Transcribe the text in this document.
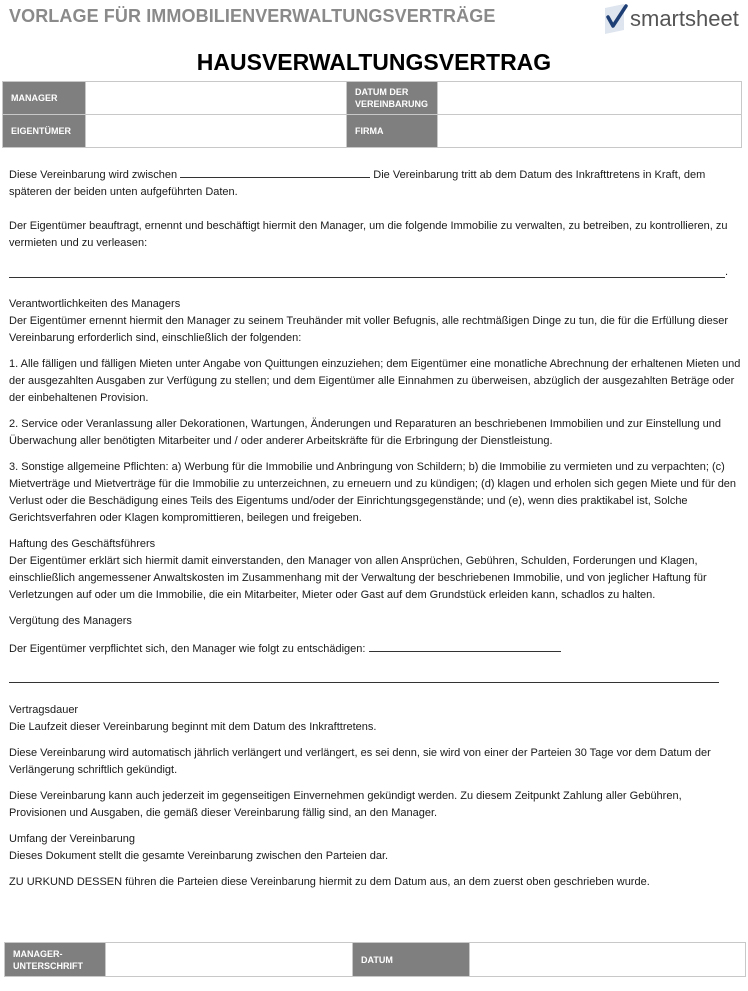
VORLAGE FÜR IMMOBILIENVERWALTUNGSVERTRÄGE	smartsheet
HAUSVERWALTUNGSVERTRAG
MANAGER		DATUM DER
VEREINBARUNG	
EIGENTÜMER		FIRMA	

Diese Vereinbarung wird zwischen	Die Vereinbarung tritt ab dem Datum des Inkrafttretens in Kraft, dem späteren der beiden unten aufgeführten Daten.

Der Eigentümer beauftragt, ernennt und beschäftigt hiermit den Manager, um die folgende Immobilie zu verwalten, zu betreiben, zu kontrollieren, zu vermieten und zu verleasen:

.

Verantwortlichkeiten des Managers

Der Eigentümer ernennt hiermit den Manager zu seinem Treuhänder mit voller Befugnis, alle rechtmäßigen Dinge zu tun, die für die Erfüllung dieser Vereinbarung erforderlich sind, einschließlich der folgenden:

1. Alle fälligen und fälligen Mieten unter Angabe von Quittungen einzuziehen; dem Eigentümer eine monatliche Abrechnung der erhaltenen Mieten und der ausgezahlten Ausgaben zur Verfügung zu stellen; und dem Eigentümer alle Einnahmen zu überweisen, abzüglich der ausgezahlten Beträge oder der einbehaltenen Provision.

2. Service oder Veranlassung aller Dekorationen, Wartungen, Änderungen und Reparaturen an beschriebenen Immobilien und zur Einstellung und Überwachung aller benötigten Mitarbeiter und / oder anderer Arbeitskräfte für die Erbringung der Dienstleistung.

3. Sonstige allgemeine Pflichten: a) Werbung für die Immobilie und Anbringung von Schildern; b) die Immobilie zu vermieten und zu verpachten; (c) Mietverträge und Mietverträge für die Immobilie zu unterzeichnen, zu erneuern und zu kündigen; (d) klagen und erholen sich gegen Miete und für den Verlust oder die Beschädigung eines Teils des Eigentums und/oder der Einrichtungsgegenstände; und (e), wenn dies praktikabel ist, Solche Gerichtsverfahren oder Klagen kompromittieren, beilegen und freigeben.

Haftung des Geschäftsführers

Der Eigentümer erklärt sich hiermit damit einverstanden, den Manager von allen Ansprüchen, Gebühren, Schulden, Forderungen und Klagen, einschließlich angemessener Anwaltskosten im Zusammenhang mit der Verwaltung der beschriebenen Immobilie, und von jeglicher Haftung für Verletzungen auf oder um die Immobilie, die ein Mitarbeiter, Mieter oder Gast auf dem Grundstück erleiden kann, schadlos zu halten.

Vergütung des Managers

Der Eigentümer verpflichtet sich, den Manager wie folgt zu entschädigen:

Vertragsdauer

Die Laufzeit dieser Vereinbarung beginnt mit dem Datum des Inkrafttretens.

Diese Vereinbarung wird automatisch jährlich verlängert und verlängert, es sei denn, sie wird von einer der Parteien 30 Tage vor dem Datum der Verlängerung schriftlich gekündigt.

Diese Vereinbarung kann auch jederzeit im gegenseitigen Einvernehmen gekündigt werden. Zu diesem Zeitpunkt Zahlung aller Gebühren, Provisionen und Ausgaben, die gemäß dieser Vereinbarung fällig sind, an den Manager.

Umfang der Vereinbarung

Dieses Dokument stellt die gesamte Vereinbarung zwischen den Parteien dar.

ZU URKUND DESSEN führen die Parteien diese Vereinbarung hiermit zu dem Datum aus, an dem zuerst oben geschrieben wurde.

MANAGER-
UNTERSCHRIFT		DATUM	
